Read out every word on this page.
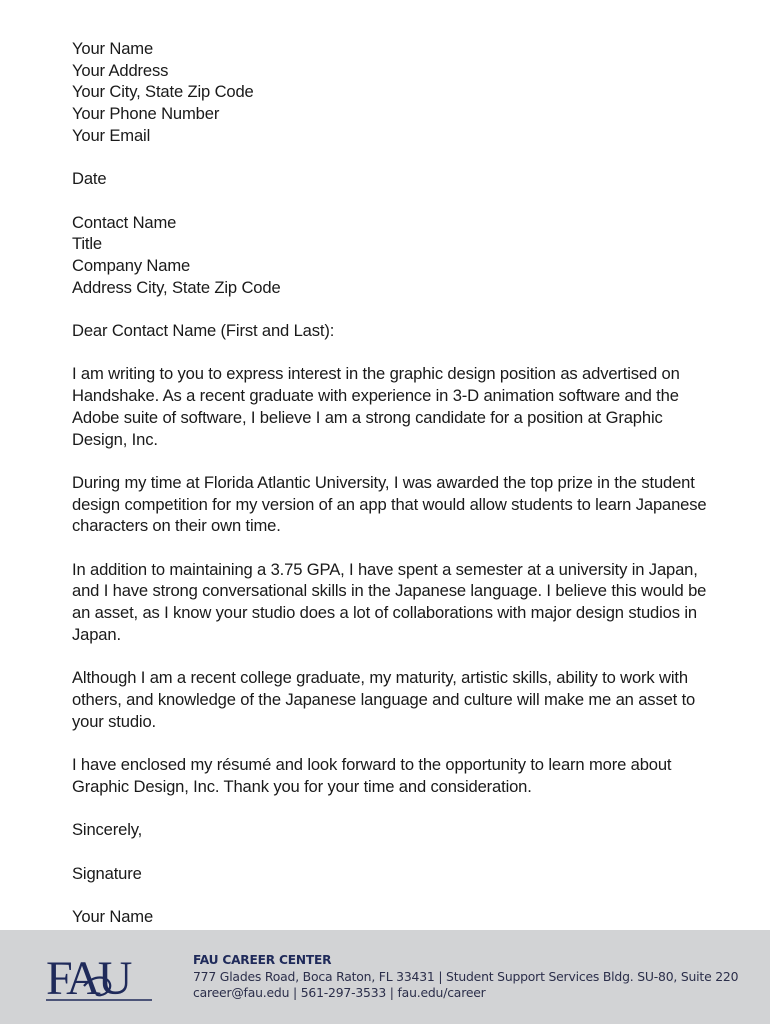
Your Name
Your Address
Your City, State Zip Code
Your Phone Number
Your Email
Date
Contact Name
Title
Company Name
Address City, State Zip Code
Dear Contact Name (First and Last):
I am writing to you to express interest in the graphic design position as advertised on Handshake. As a recent graduate with experience in 3-D animation software and the Adobe suite of software, I believe I am a strong candidate for a position at Graphic Design, Inc.
During my time at Florida Atlantic University, I was awarded the top prize in the student design competition for my version of an app that would allow students to learn Japanese characters on their own time.
In addition to maintaining a 3.75 GPA, I have spent a semester at a university in Japan, and I have strong conversational skills in the Japanese language. I believe this would be an asset, as I know your studio does a lot of collaborations with major design studios in Japan.
Although I am a recent college graduate, my maturity, artistic skills, ability to work with others, and knowledge of the Japanese language and culture will make me an asset to your studio.
I have enclosed my résumé and look forward to the opportunity to learn more about Graphic Design, Inc. Thank you for your time and consideration.
Sincerely,
Signature
Your Name
FAU	FAU CAREER CENTER
777 Glades Road, Boca Raton, FL 33431 | Student Support Services Bldg. SU-80, Suite 220
career@fau.edu | 561-297-3533 | fau.edu/career
